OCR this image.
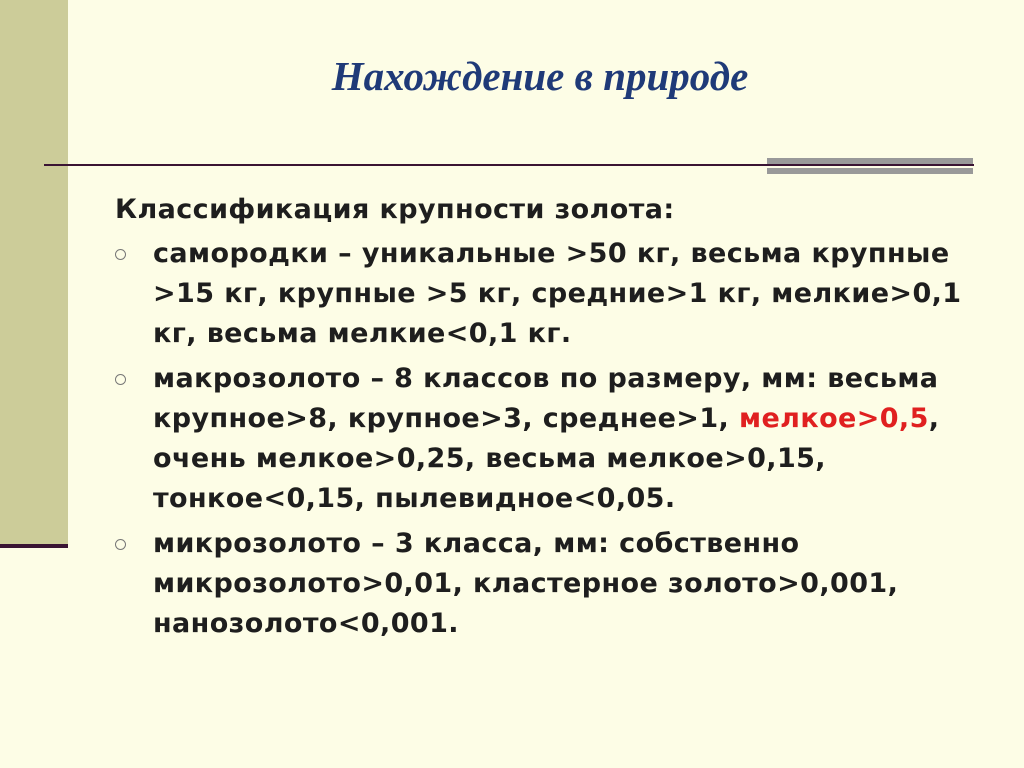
Нахождение в природе

Классификация крупности золота:

самородки – уникальные >50 кг, весьма крупные >15 кг, крупные >5 кг, средние>1 кг, мелкие>0,1 кг, весьма мелкие<0,1 кг.
макрозолото – 8 классов по размеру, мм: весьма крупное>8, крупное>3, среднее>1, мелкое>0,5, очень мелкое>0,25, весьма мелкое>0,15, тонкое<0,15, пылевидное<0,05.
микрозолото – 3 класса, мм: собственно микрозолото>0,01, кластерное золото>0,001, нанозолото<0,001.
